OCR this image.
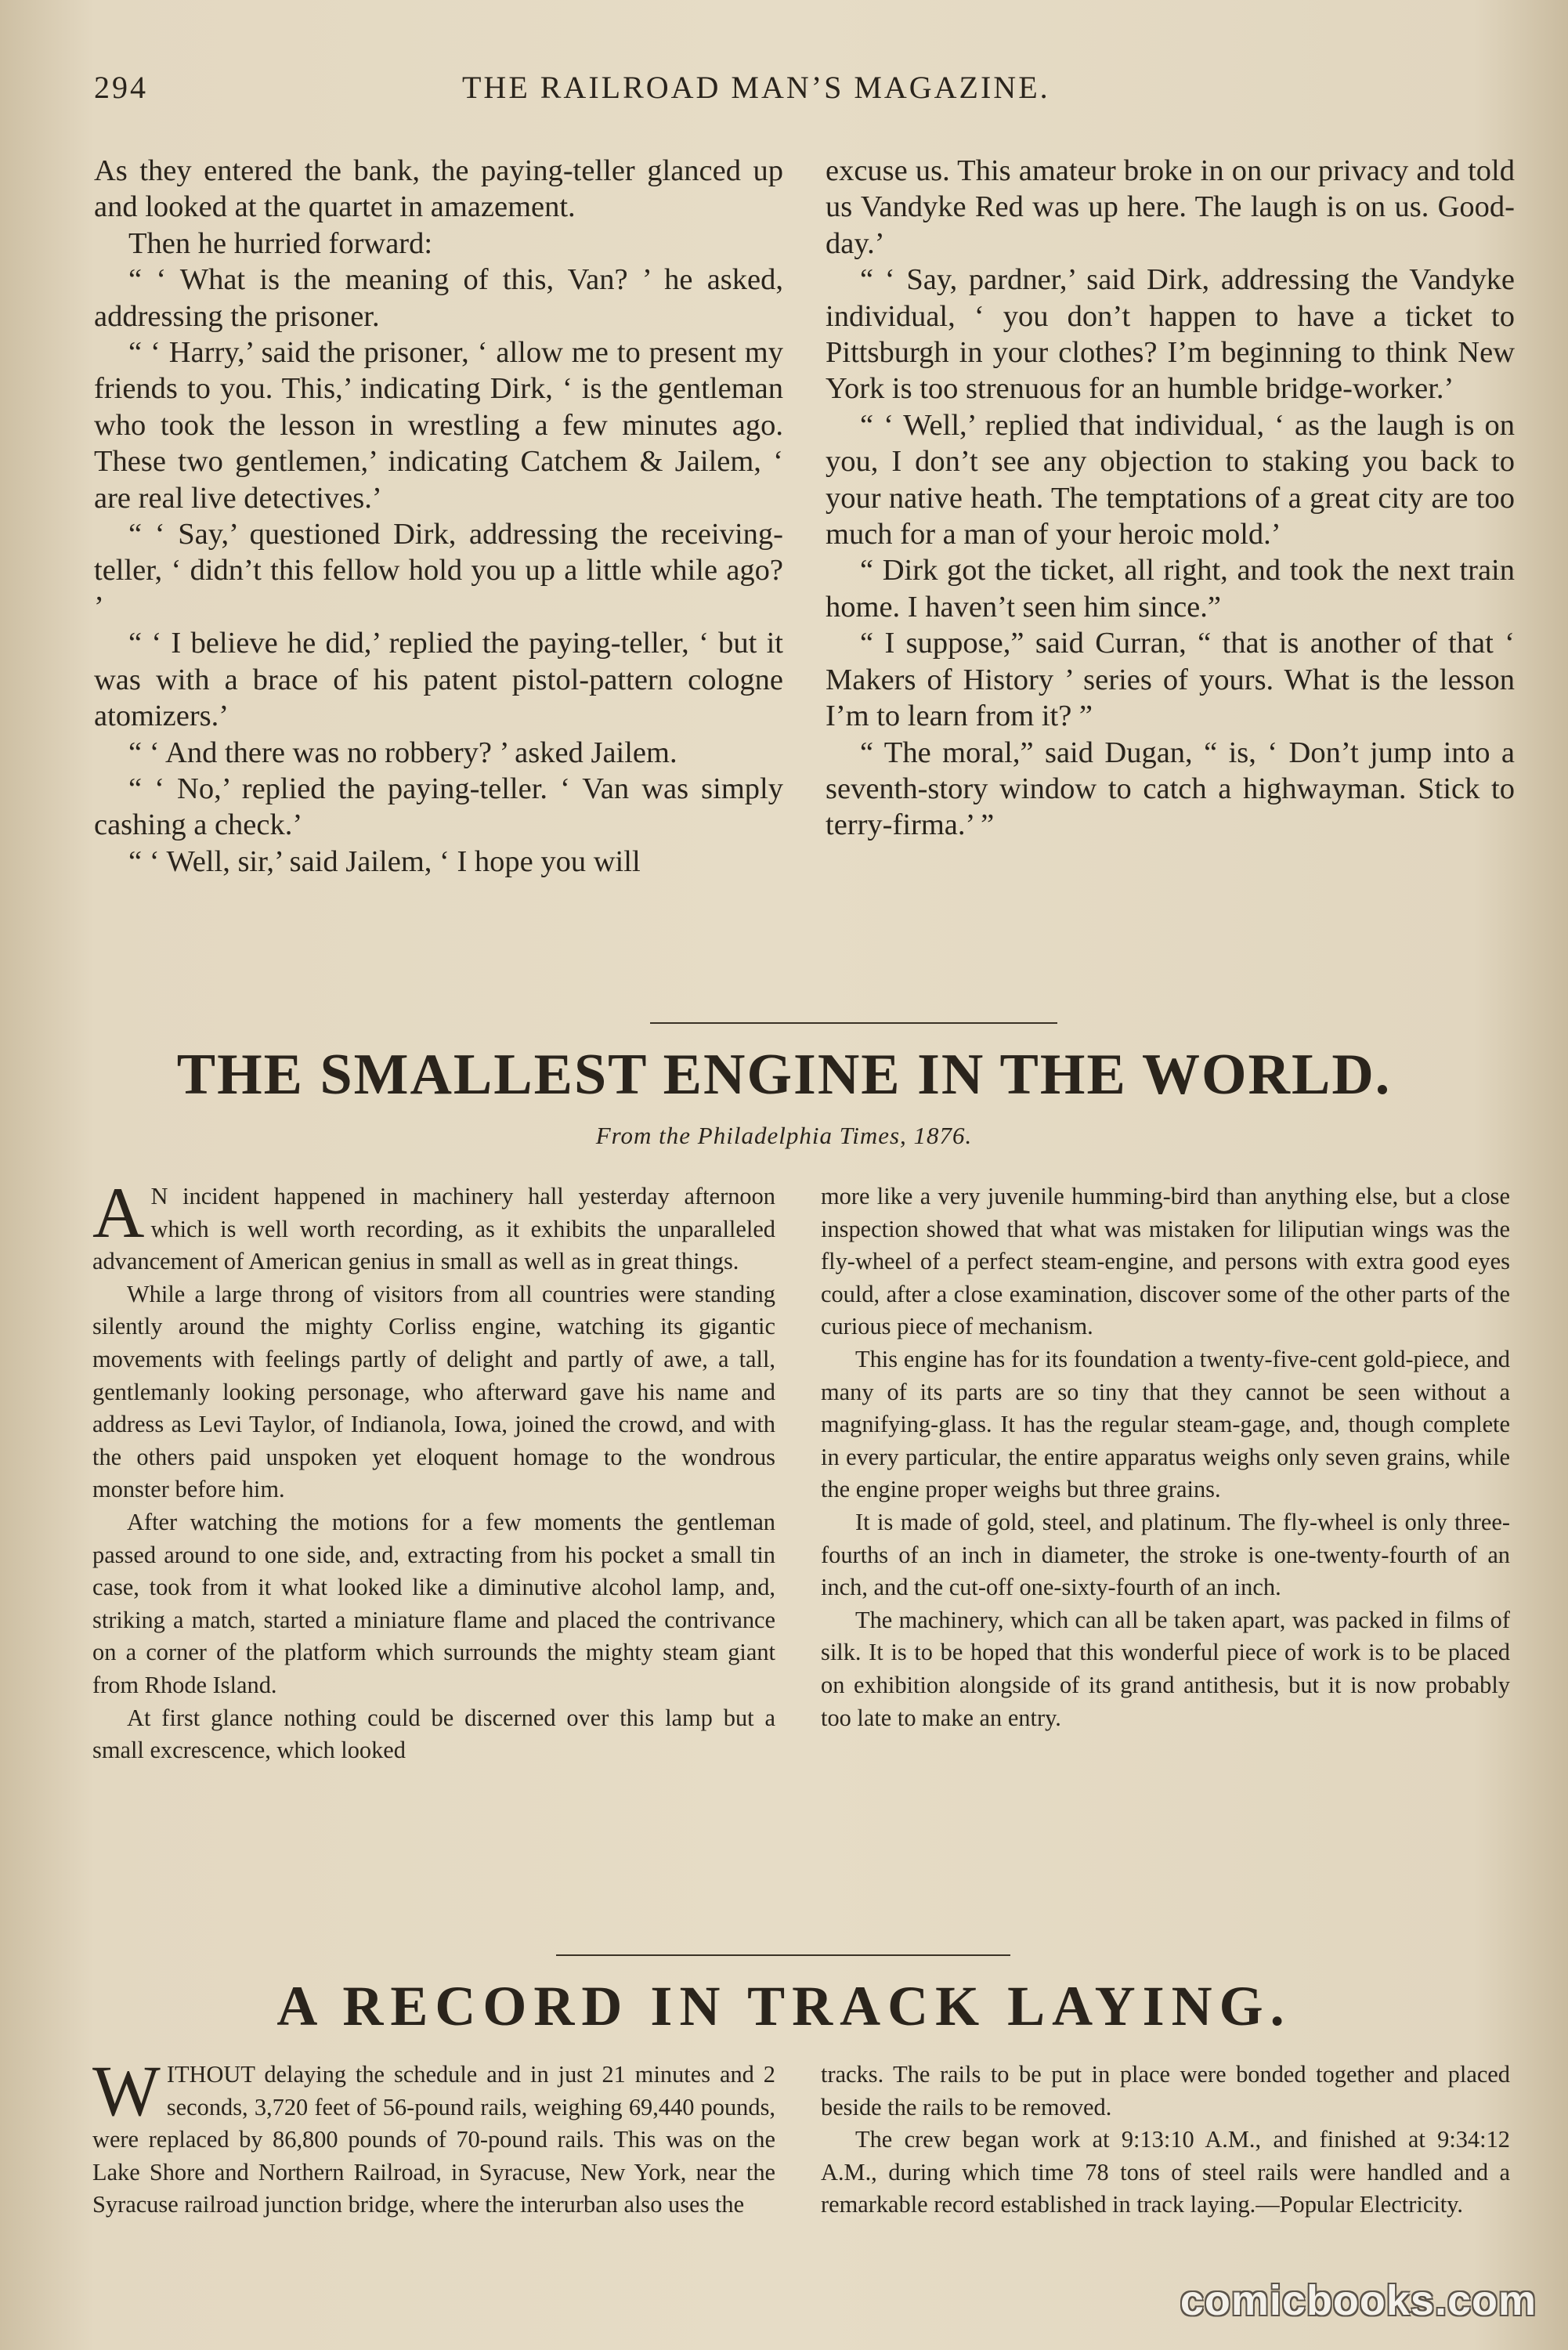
294	THE RAILROAD MAN’S MAGAZINE.

As they entered the bank, the paying-teller glanced up and looked at the quartet in amazement.

Then he hurried forward:

“ ‘ What is the meaning of this, Van? ’ he asked, addressing the prisoner.

“ ‘ Harry,’ said the prisoner, ‘ allow me to present my friends to you. This,’ indicating Dirk, ‘ is the gentleman who took the lesson in wrestling a few minutes ago. These two gentlemen,’ indicating Catchem & Jailem, ‘ are real live detectives.’

“ ‘ Say,’ questioned Dirk, addressing the receiving-teller, ‘ didn’t this fellow hold you up a little while ago? ’

“ ‘ I believe he did,’ replied the paying-teller, ‘ but it was with a brace of his patent pistol-pattern cologne atomizers.’

“ ‘ And there was no robbery? ’ asked Jailem.

“ ‘ No,’ replied the paying-teller. ‘ Van was simply cashing a check.’

“ ‘ Well, sir,’ said Jailem, ‘ I hope you will

excuse us. This amateur broke in on our privacy and told us Vandyke Red was up here. The laugh is on us. Good-day.’

“ ‘ Say, pardner,’ said Dirk, addressing the Vandyke individual, ‘ you don’t happen to have a ticket to Pittsburgh in your clothes? I’m beginning to think New York is too strenuous for an humble bridge-worker.’

“ ‘ Well,’ replied that individual, ‘ as the laugh is on you, I don’t see any objection to staking you back to your native heath. The temptations of a great city are too much for a man of your heroic mold.’

“ Dirk got the ticket, all right, and took the next train home. I haven’t seen him since.”

“ I suppose,” said Curran, “ that is another of that ‘ Makers of History ’ series of yours. What is the lesson I’m to learn from it? ”

“ The moral,” said Dugan, “ is, ‘ Don’t jump into a seventh-story window to catch a highwayman. Stick to terry-firma.’ ”

THE SMALLEST ENGINE IN THE WORLD.
From the Philadelphia Times, 1876.

A N incident happened in machinery hall yesterday afternoon which is well worth recording, as it exhibits the unparalleled advancement of American genius in small as well as in great things.

While a large throng of visitors from all countries were standing silently around the mighty Corliss engine, watching its gigantic movements with feelings partly of delight and partly of awe, a tall, gentlemanly looking personage, who afterward gave his name and address as Levi Taylor, of Indianola, Iowa, joined the crowd, and with the others paid unspoken yet eloquent homage to the wondrous monster before him.

After watching the motions for a few moments the gentleman passed around to one side, and, extracting from his pocket a small tin case, took from it what looked like a diminutive alcohol lamp, and, striking a match, started a miniature flame and placed the contrivance on a corner of the platform which surrounds the mighty steam giant from Rhode Island.

At first glance nothing could be discerned over this lamp but a small excrescence, which looked

more like a very juvenile humming-bird than anything else, but a close inspection showed that what was mistaken for liliputian wings was the fly-wheel of a perfect steam-engine, and persons with extra good eyes could, after a close examination, discover some of the other parts of the curious piece of mechanism.

This engine has for its foundation a twenty-five-cent gold-piece, and many of its parts are so tiny that they cannot be seen without a magnifying-glass. It has the regular steam-gage, and, though complete in every particular, the entire apparatus weighs only seven grains, while the engine proper weighs but three grains.

It is made of gold, steel, and platinum. The fly-wheel is only three-fourths of an inch in diameter, the stroke is one-twenty-fourth of an inch, and the cut-off one-sixty-fourth of an inch.

The machinery, which can all be taken apart, was packed in films of silk. It is to be hoped that this wonderful piece of work is to be placed on exhibition alongside of its grand antithesis, but it is now probably too late to make an entry.

A RECORD IN TRACK LAYING.

WITHOUT delaying the schedule and in just 21 minutes and 2 seconds, 3,720 feet of 56-pound rails, weighing 69,440 pounds, were replaced by 86,800 pounds of 70-pound rails. This was on the Lake Shore and Northern Railroad, in Syracuse, New York, near the Syracuse railroad junction bridge, where the interurban also uses the

tracks. The rails to be put in place were bonded together and placed beside the rails to be removed.

The crew began work at 9:13:10 A.M., and finished at 9:34:12 A.M., during which time 78 tons of steel rails were handled and a remarkable record established in track laying.—Popular Electricity.

comicbooks.com
